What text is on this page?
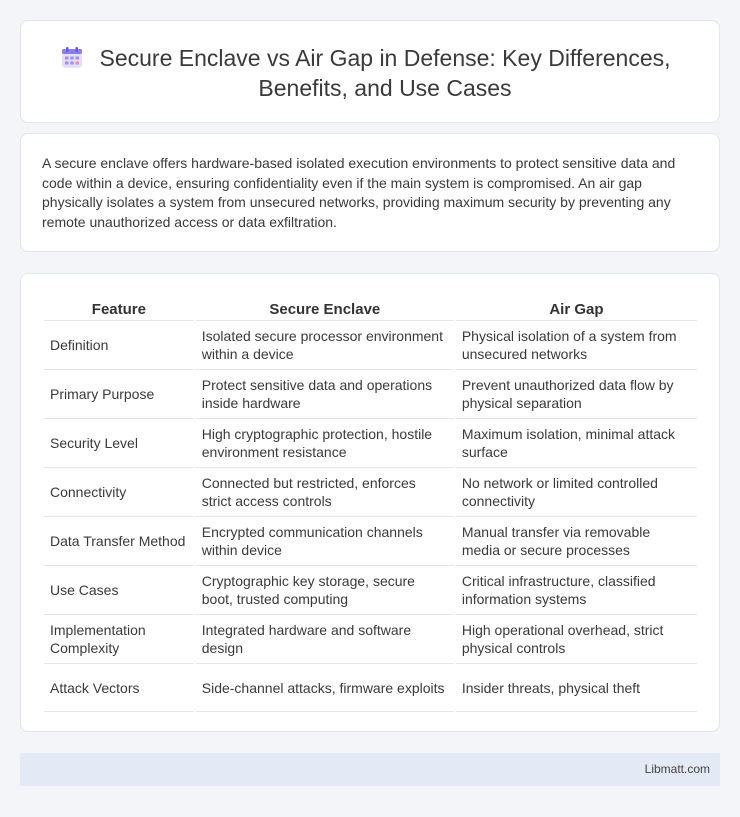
Secure Enclave vs Air Gap in Defense: Key Differences, Benefits, and Use Cases

A secure enclave offers hardware-based isolated execution environments to protect sensitive data and code within a device, ensuring confidentiality even if the main system is compromised. An air gap physically isolates a system from unsecured networks, providing maximum security by preventing any remote unauthorized access or data exfiltration.

Feature	Secure Enclave	Air Gap
Definition	Isolated secure processor environment within a device	Physical isolation of a system from unsecured networks
Primary Purpose	Protect sensitive data and operations inside hardware	Prevent unauthorized data flow by physical separation
Security Level	High cryptographic protection, hostile environment resistance	Maximum isolation, minimal attack surface
Connectivity	Connected but restricted, enforces strict access controls	No network or limited controlled connectivity
Data Transfer Method	Encrypted communication channels within device	Manual transfer via removable media or secure processes
Use Cases	Cryptographic key storage, secure boot, trusted computing	Critical infrastructure, classified information systems
Implementation Complexity	Integrated hardware and software design	High operational overhead, strict physical controls
Attack Vectors	Side-channel attacks, firmware exploits	Insider threats, physical theft
Libmatt.com
